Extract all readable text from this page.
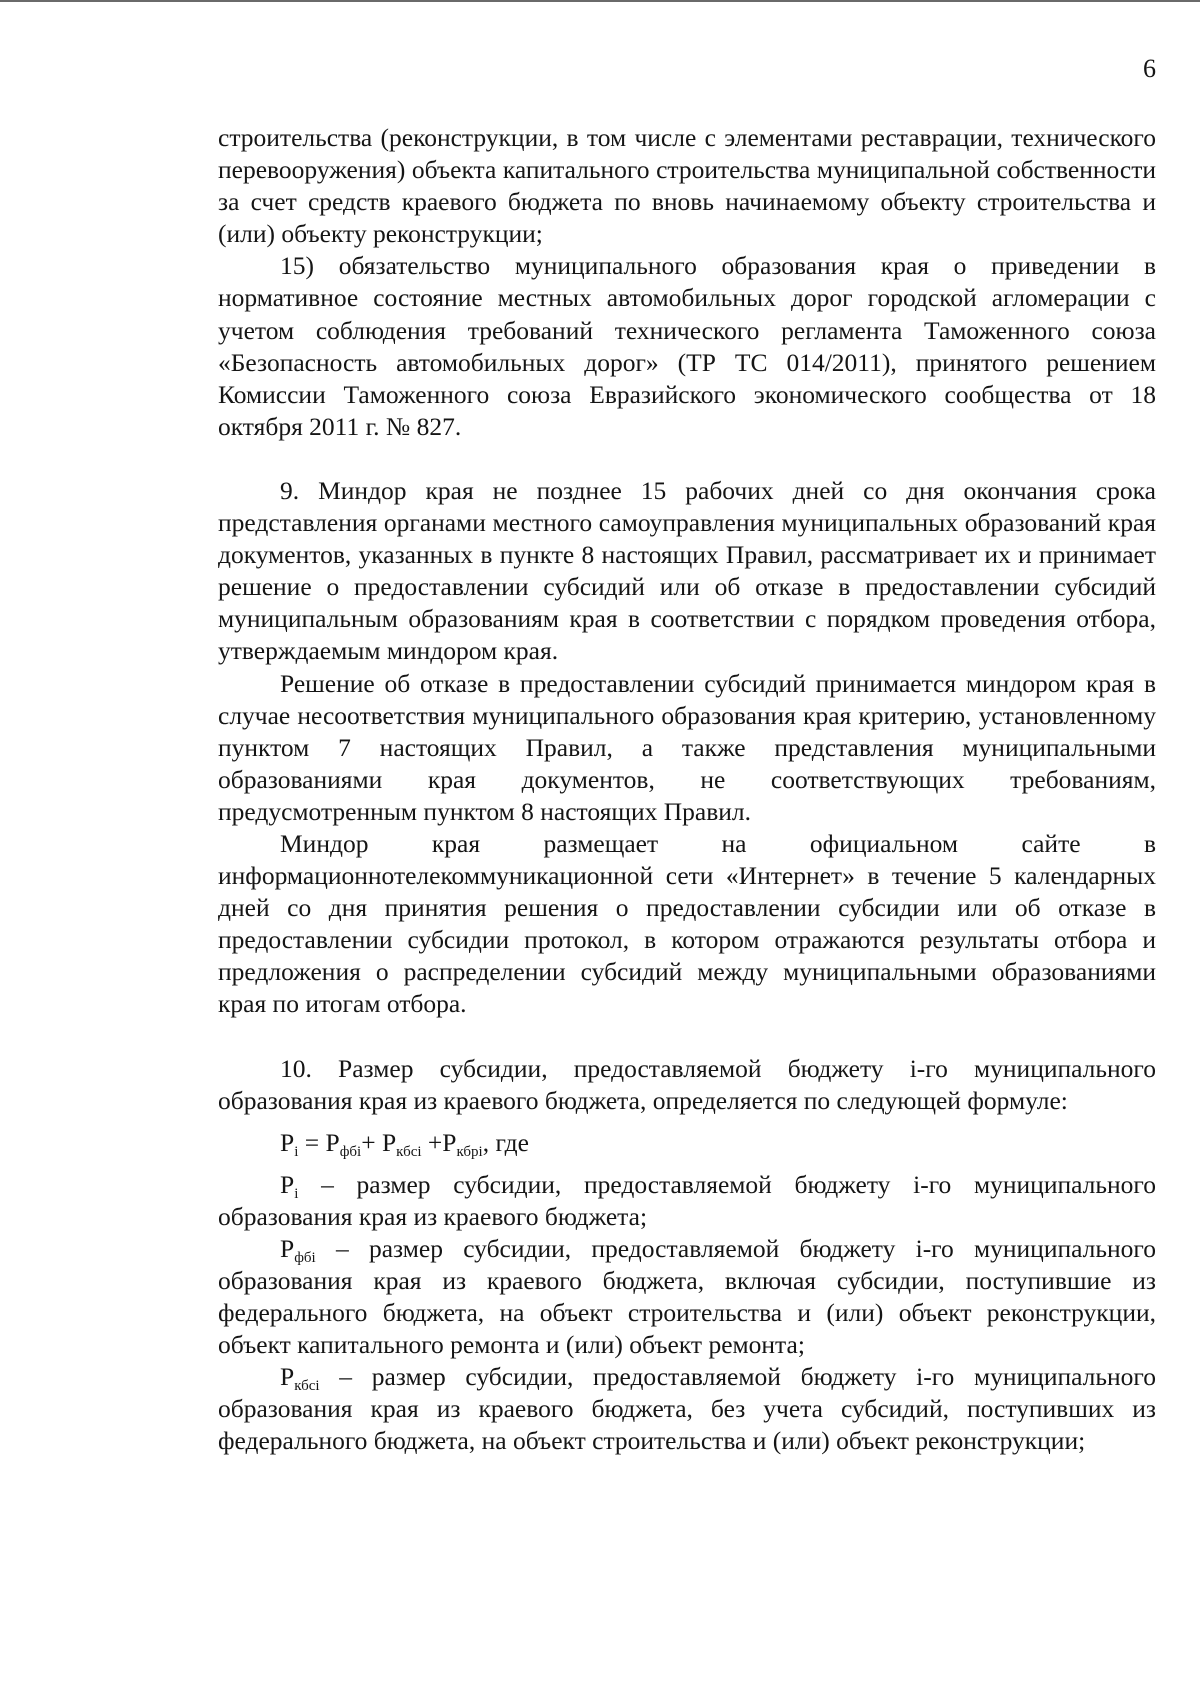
6

строительства (реконструкции, в том числе с элементами реставрации, технического перевооружения) объекта капитального строительства муниципальной собственности за счет средств краевого бюджета по вновь начинаемому объекту строительства и (или) объекту реконструкции;

15) обязательство муниципального образования края о приведении в нормативное состояние местных автомобильных дорог городской агломерации с учетом соблюдения требований технического регламента Таможенного союза «Безопасность автомобильных дорог» (ТР ТС 014/2011), принятого решением Комиссии Таможенного союза Евразийского экономического сообщества от 18 октября 2011 г. № 827.

9. Миндор края не позднее 15 рабочих дней со дня окончания срока представления органами местного самоуправления муниципальных образований края документов, указанных в пункте 8 настоящих Правил, рассматривает их и принимает решение о предоставлении субсидий или об отказе в предоставлении субсидий муниципальным образованиям края в соответствии с порядком проведения отбора, утверждаемым миндором края.

Решение об отказе в предоставлении субсидий принимается миндором края в случае несоответствия муниципального образования края критерию, установленному пунктом 7 настоящих Правил, а также представления муниципальными образованиями края документов, не соответствующих требованиям, предусмотренным пунктом 8 настоящих Правил.

Миндор края размещает на официальном сайте в информационнотелекоммуникационной сети «Интернет» в течение 5 календарных дней со дня принятия решения о предоставлении субсидии или об отказе в предоставлении субсидии протокол, в котором отражаются результаты отбора и предложения о распределении субсидий между муниципальными образованиями края по итогам отбора.

10. Размер субсидии, предоставляемой бюджету i-го муниципального образования края из краевого бюджета, определяется по следующей формуле:

$P_i = P_{фбi}+ P_{кбсi} +P_{кбрi}$, где

$P_i$ – размер субсидии, предоставляемой бюджету i-го муниципального образования края из краевого бюджета;

$P_{фбi}$ – размер субсидии, предоставляемой бюджету i-го муниципального образования края из краевого бюджета, включая субсидии, поступившие из федерального бюджета, на объект строительства и (или) объект реконструкции, объект капитального ремонта и (или) объект ремонта;

$P_{кбсi}$ – размер субсидии, предоставляемой бюджету i-го муниципального образования края из краевого бюджета, без учета субсидий, поступивших из федерального бюджета, на объект строительства и (или) объект реконструкции;
